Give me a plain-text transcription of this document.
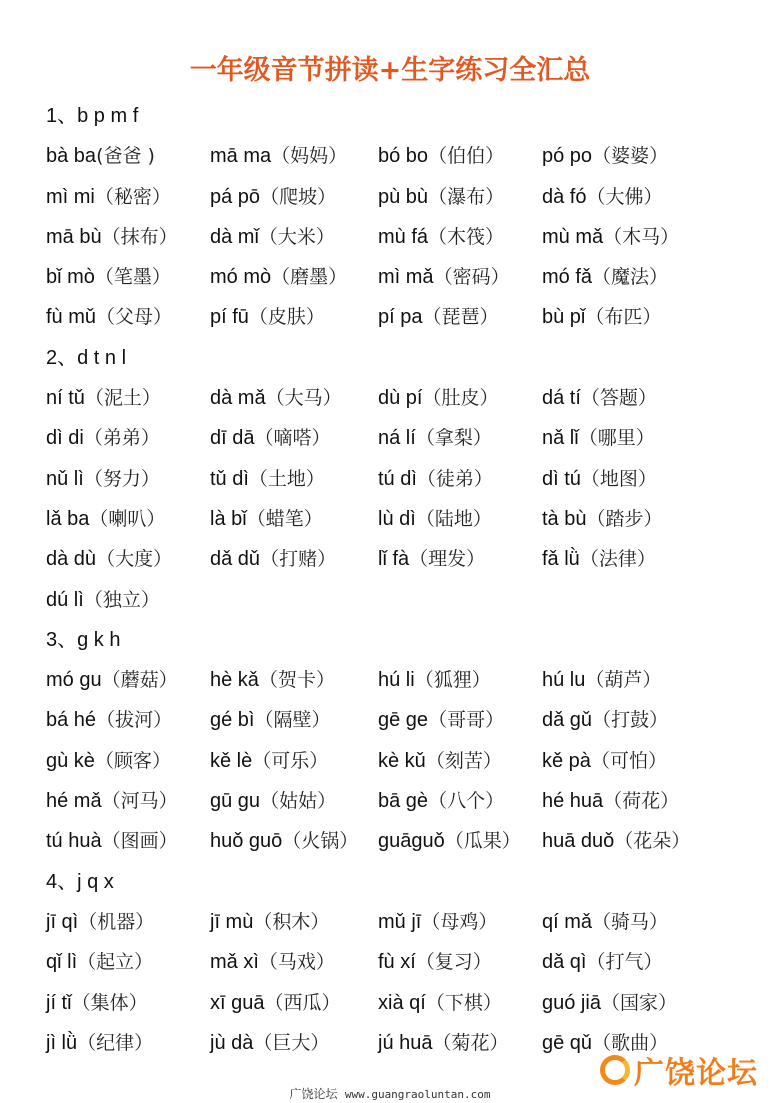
一年级音节拼读+生字练习全汇总
1、b p m f
bà ba(爸爸 )	mā ma（妈妈） bó bo（伯伯） pó po（婆婆）
mì mi（秘密） pá pō（爬坡） pù bù（瀑布） dà fó（大佛）
mā bù（抹布） dà mǐ（大米） mù fá（木筏） mù mǎ（木马）
bǐ mò（笔墨） mó mò（磨墨） mì mǎ（密码） mó fǎ（魔法）
fù mǔ（父母） pí fū（皮肤）	pí pa（琵琶） bù pǐ（布匹）
2、d t n l
ní tǔ（泥土） dà mǎ（大马） dù pí（肚皮） dá tí（答题）
dì di（弟弟）	dī dā（嘀嗒） ná lí（拿梨）	nǎ lǐ（哪里）
nǔ lì（努力）	tǔ dì（土地）	tú dì（徒弟） dì tú（地图）
lǎ ba（喇叭） là bǐ（蜡笔）	lù dì（陆地）	tà bù（踏步）
dà dù（大度） dǎ dǔ（打赌） lǐ fà（理发）	fǎ lǜ（法律）
dú lì（独立）
3、g k h
mó gu（蘑菇） hè kǎ（贺卡） hú li（狐狸）	hú lu（葫芦）
bá hé（拔河） gé bì（隔壁） gē ge（哥哥） dǎ gǔ（打鼓）
gù kè（顾客） kě lè（可乐） kè kǔ（刻苦） kě pà（可怕）
hé mǎ（河马） gū gu（姑姑） bā gè（八个） hé huā（荷花）
tú huà（图画） huǒ guō（火锅） guāguǒ（瓜果） huā duǒ（花朵）
4、j q x
jī qì（机器）	jī mù（积木） mǔ jī（母鸡） qí mǎ（骑马）
qǐ lì（起立）	mǎ xì（马戏） fù xí（复习）	dǎ qì（打气）
jí tǐ（集体）	xī guā（西瓜） xià qí（下棋） guó jiā（国家）
jì lǜ（纪律）	jù dà（巨大） jú huā（菊花） gē qǔ（歌曲）
广饶论坛 www.guangraoluntan.com
广饶论坛
